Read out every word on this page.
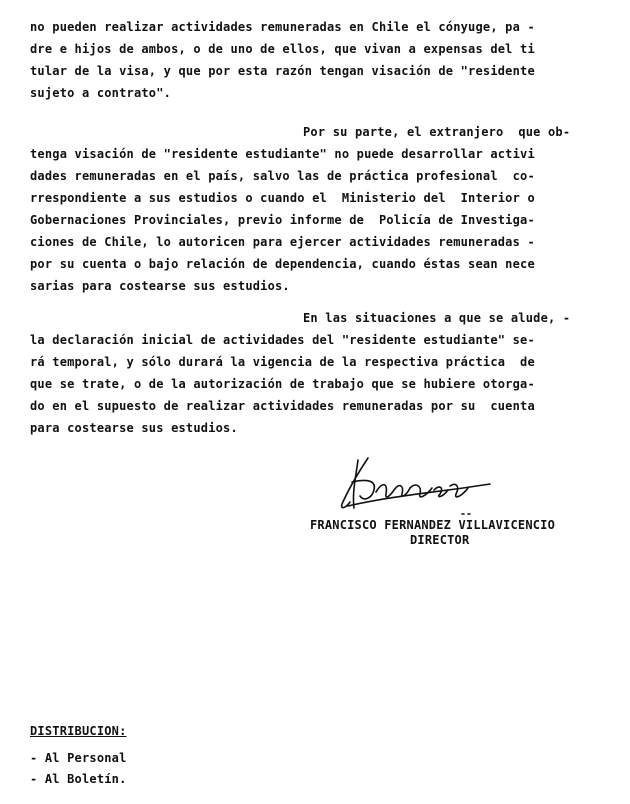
no pueden realizar actividades remuneradas en Chile el cónyuge, pa -
dre e hijos de ambos, o de uno de ellos, que vivan a expensas del ti
tular de la visa, y que por esta razón tengan visación de "residente
sujeto a contrato".
Por su parte, el extranjero  que ob-
tenga visación de "residente estudiante" no puede desarrollar activi
dades remuneradas en el país, salvo las de práctica profesional  co-
rrespondiente a sus estudios o cuando el  Ministerio del  Interior o
Gobernaciones Provinciales, previo informe de  Policía de Investiga-
ciones de Chile, lo autoricen para ejercer actividades remuneradas -
por su cuenta o bajo relación de dependencia, cuando éstas sean nece
sarias para costearse sus estudios.
En las situaciones a que se alude, -
la declaración inicial de actividades del "residente estudiante" se-
rá temporal, y sólo durará la vigencia de la respectiva práctica  de
que se trate, o de la autorización de trabajo que se hubiere otorga-
do en el supuesto de realizar actividades remuneradas por su  cuenta
para costearse sus estudios.
FRANCISCO FERNANDEZ VILLAVICENCIO
DIRECTOR
DISTRIBUCION:
- Al Personal
- Al Boletín.
